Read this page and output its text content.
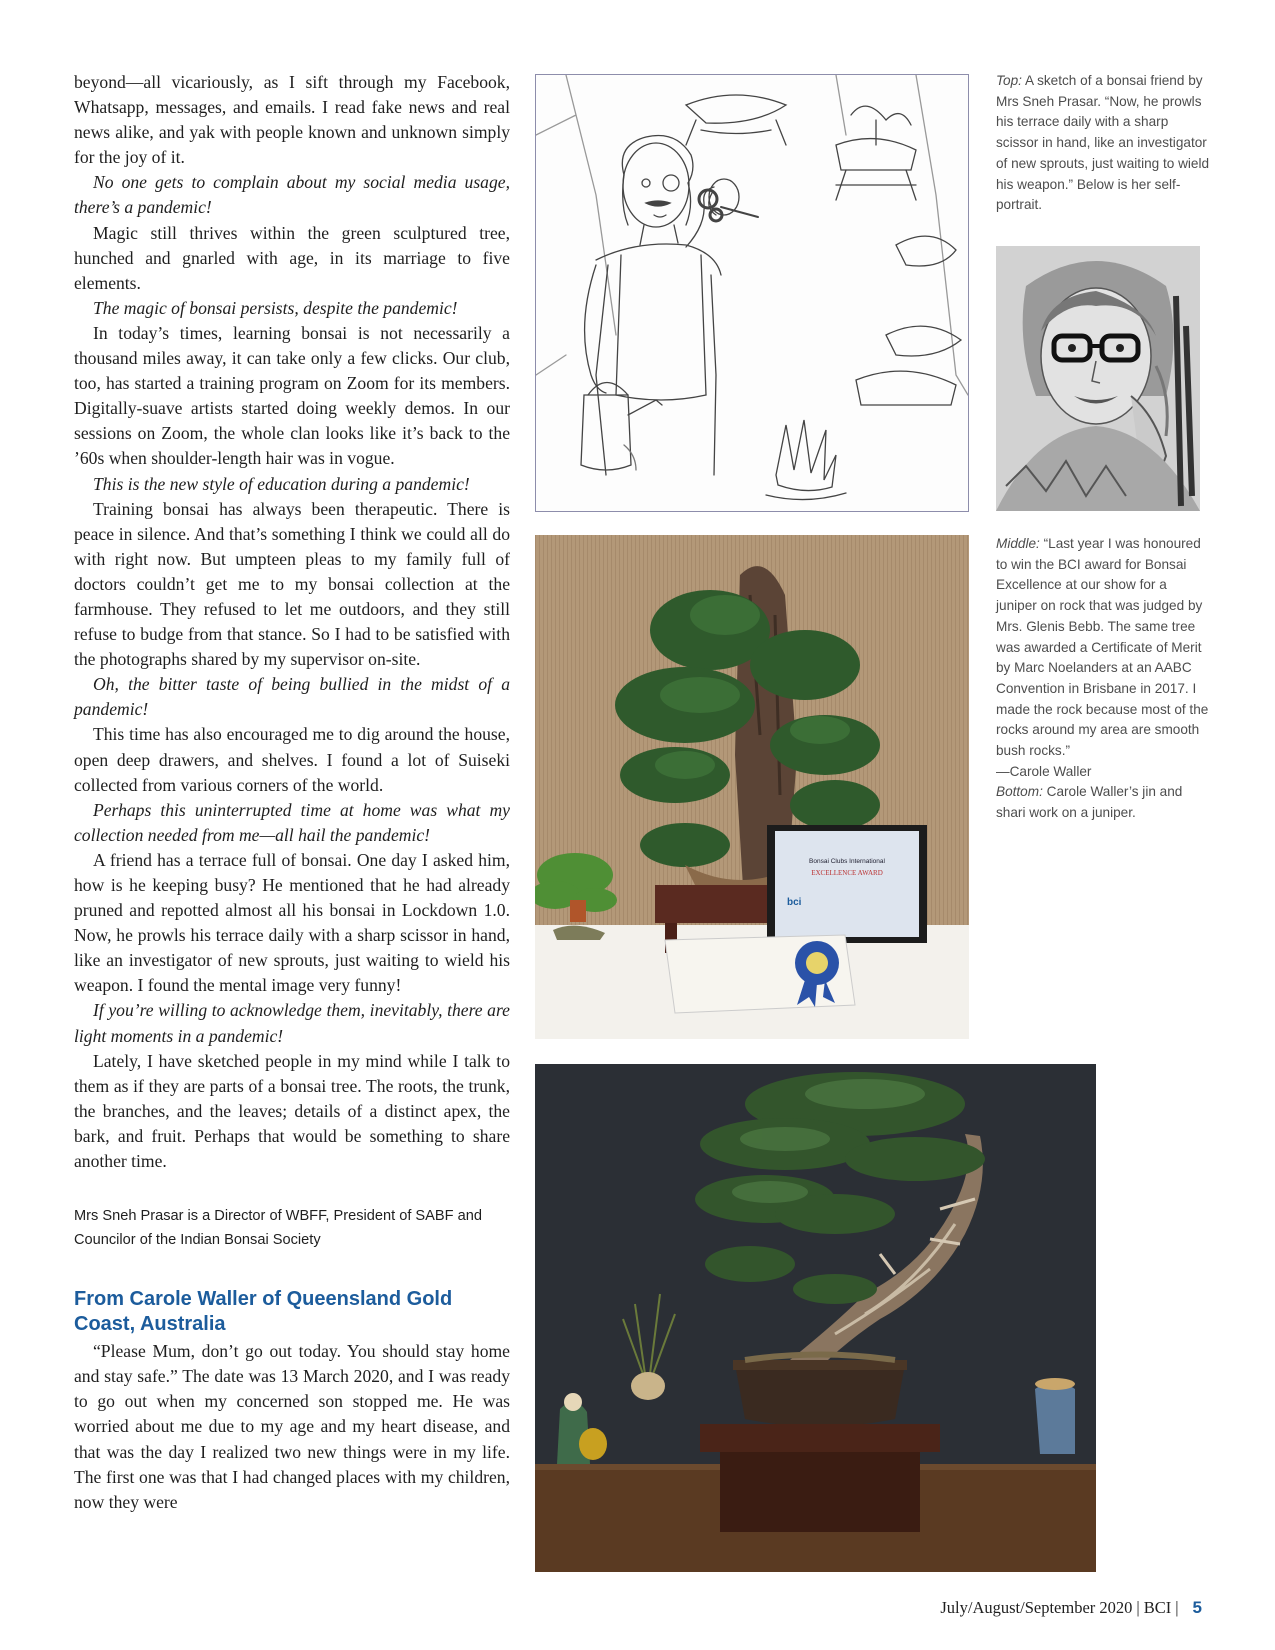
beyond—all vicariously, as I sift through my Facebook, Whatsapp, messages, and emails. I read fake news and real news alike, and yak with people known and unknown simply for the joy of it.

No one gets to complain about my social media usage, there’s a pandemic!

Magic still thrives within the green sculptured tree, hunched and gnarled with age, in its marriage to five elements.

The magic of bonsai persists, despite the pandemic!

In today’s times, learning bonsai is not necessarily a thousand miles away, it can take only a few clicks. Our club, too, has started a training program on Zoom for its members. Digitally-suave artists started doing weekly demos. In our sessions on Zoom, the whole clan looks like it’s back to the ’60s when shoulder-length hair was in vogue.

This is the new style of education during a pandemic!

Training bonsai has always been therapeutic. There is peace in silence. And that’s something I think we could all do with right now. But umpteen pleas to my family full of doctors couldn’t get me to my bonsai collection at the farmhouse. They refused to let me outdoors, and they still refuse to budge from that stance. So I had to be satisfied with the photographs shared by my supervisor on-site.

Oh, the bitter taste of being bullied in the midst of a pandemic!

This time has also encouraged me to dig around the house, open deep drawers, and shelves. I found a lot of Suiseki collected from various corners of the world.

Perhaps this uninterrupted time at home was what my collection needed from me—all hail the pandemic!

A friend has a terrace full of bonsai. One day I asked him, how is he keeping busy? He mentioned that he had already pruned and repotted almost all his bonsai in Lockdown 1.0. Now, he prowls his terrace daily with a sharp scissor in hand, like an investigator of new sprouts, just waiting to wield his weapon. I found the mental image very funny!

If you’re willing to acknowledge them, inevitably, there are light moments in a pandemic!

Lately, I have sketched people in my mind while I talk to them as if they are parts of a bonsai tree. The roots, the trunk, the branches, and the leaves; details of a distinct apex, the bark, and fruit. Perhaps that would be something to share another time.

Mrs Sneh Prasar is a Director of WBFF, President of SABF and Councilor of the Indian Bonsai Society

From Carole Waller of Queensland Gold Coast, Australia

“Please Mum, don’t go out today. You should stay home and stay safe.” The date was 13 March 2020, and I was ready to go out when my concerned son stopped me. He was worried about me due to my age and my heart disease, and that was the day I realized two new things were in my life. The first one was that I had changed places with my children, now they were

Bonsai Clubs International
EXCELLENCE AWARD
bci

Top: A sketch of a bonsai friend by Mrs Sneh Prasar. “Now, he prowls his terrace daily with a sharp scissor in hand, like an investigator of new sprouts, just waiting to wield his weapon.” Below is her self-portrait.

Middle: “Last year I was honoured to win the BCI award for Bonsai Excellence at our show for a juniper on rock that was judged by Mrs. Glenis Bebb. The same tree was awarded a Certificate of Merit by Marc Noelanders at an AABC Convention in Brisbane in 2017. I made the rock because most of the rocks around my area are smooth bush rocks.”

—Carole Waller

Bottom: Carole Waller’s jin and shari work on a juniper.

July/August/September 2020 | BCI | 5
